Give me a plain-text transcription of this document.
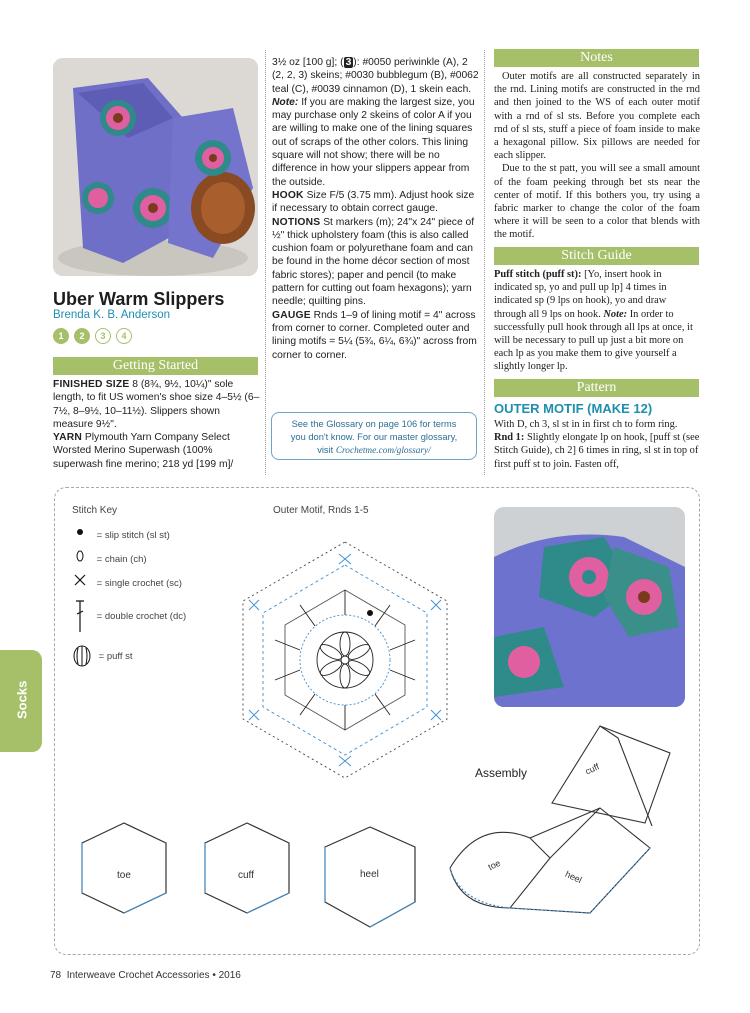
Uber Warm Slippers
Brenda K. B. Anderson
1 2 3 4
Getting Started
FINISHED SIZE 8 (8¾, 9½, 10¼)" sole length, to fit US women's shoe size 4–5½ (6–7½, 8–9½, 10–11½). Slippers shown measure 9½".
YARN Plymouth Yarn Company Select Worsted Merino Superwash (100% superwash fine merino; 218 yd [199 m]/
3½ oz [100 g]; ( 3 ): #0050 periwinkle (A), 2 (2, 2, 3) skeins; #0030 bubblegum (B), #0062 teal (C), #0039 cinnamon (D), 1 skein each. Note: If you are making the largest size, you may purchase only 2 skeins of color A if you are willing to make one of the lining squares out of scraps of the other colors. This lining square will not show; there will be no difference in how your slippers appear from the outside.
HOOK Size F/5 (3.75 mm). Adjust hook size if necessary to obtain correct gauge.
NOTIONS St markers (m); 24"x 24" piece of ½" thick upholstery foam (this is also called cushion foam or polyurethane foam and can be found in the home décor section of most fabric stores); paper and pencil (to make pattern for cutting out foam hexagons); yarn needle; quilting pins.
GAUGE Rnds 1–9 of lining motif = 4" across from corner to corner. Completed outer and lining motifs = 5¼ (5¾, 6¼, 6¾)" across from corner to corner.
See the Glossary on page 106 for terms
you don't know. For our master glossary,
visit Crochetme.com/glossary/
Notes
Outer motifs are all constructed separately in the rnd. Lining motifs are constructed in the rnd and then joined to the WS of each outer motif with a rnd of sl sts. Before you complete each rnd of sl sts, stuff a piece of foam inside to make a hexagonal pillow. Six pillows are needed for each slipper.
Due to the st patt, you will see a small amount of the foam peeking through bet sts near the center of motif. If this bothers you, try using a fabric marker to change the color of the foam where it will be seen to a color that blends with the motif.
Stitch Guide
Puff stitch (puff st): [Yo, insert hook in indicated sp, yo and pull up lp] 4 times in indicated sp (9 lps on hook), yo and draw through all 9 lps on hook. Note: In order to successfully pull hook through all lps at once, it will be necessary to pull up just a bit more on each lp as you make them to give yourself a slightly longer lp.
Pattern
OUTER MOTIF (MAKE 12)
With D, ch 3, sl st in in first ch to form ring.
Rnd 1: Slightly elongate lp on hook, [puff st (see Stitch Guide), ch 2] 6 times in ring, sl st in top of first puff st to join. Fasten off,
Stitch Key	Outer Motif, Rnds 1-5
= slip stitch (sl st)
= chain (ch)
= single crochet (sc)
= double crochet (dc)
= puff st
Assembly
toe	cuff	heel
cuff
toe
heel
Socks
78 Interweave Crochet Accessories • 2016
